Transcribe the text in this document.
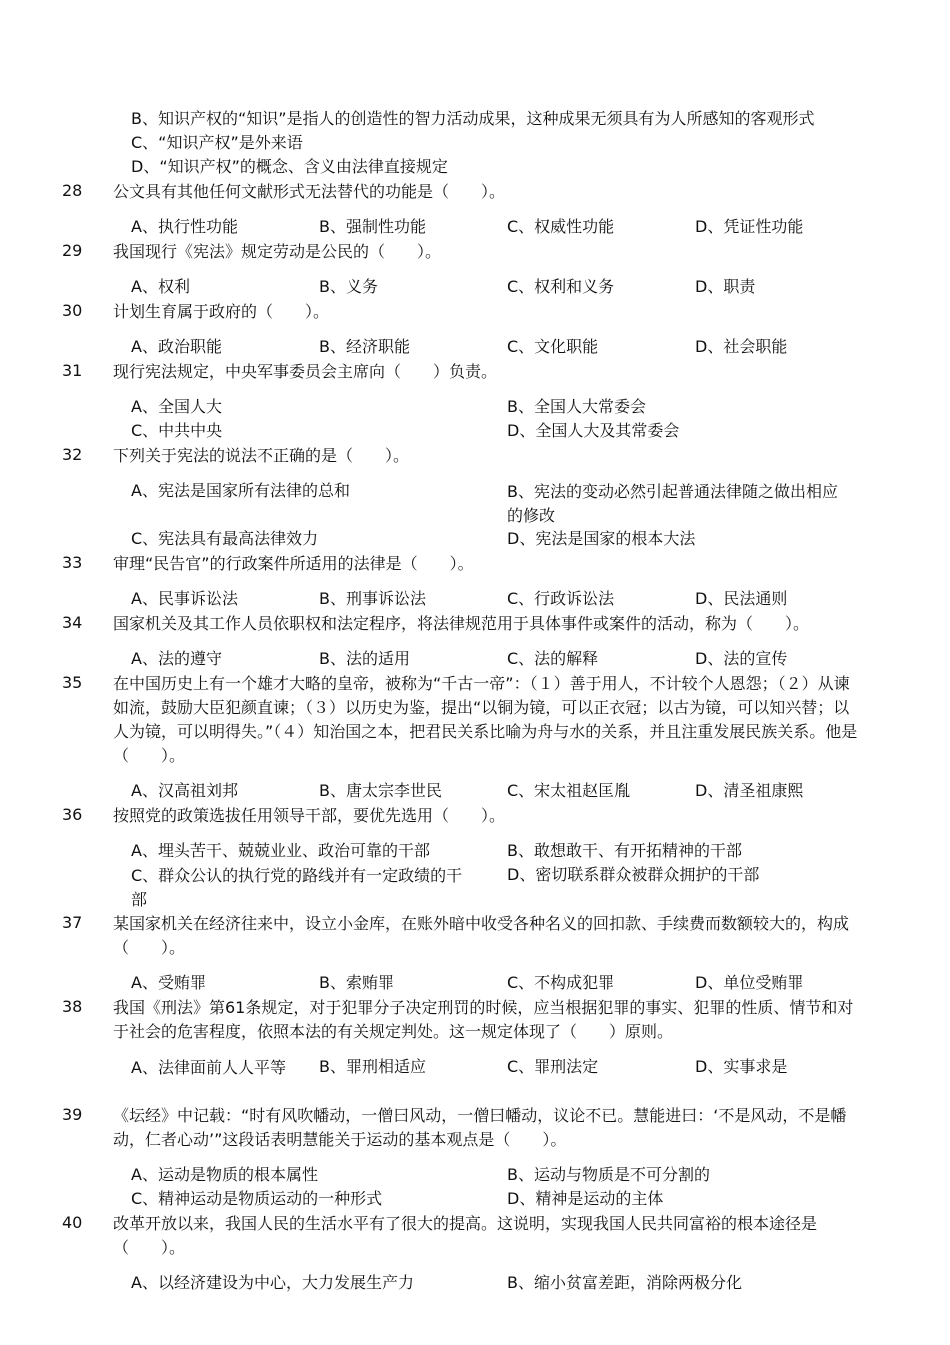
B、知识产权的“知识”是指人的创造性的智力活动成果，这种成果无须具有为人所感知的客观形式
C、“知识产权”是外来语
D、“知识产权”的概念、含义由法律直接规定
28	公文具有其他任何文献形式无法替代的功能是（　　）。
A、执行性功能	B、强制性功能	C、权威性功能	D、凭证性功能
29	我国现行《宪法》规定劳动是公民的（　　）。
A、权利	B、义务	C、权利和义务	D、职责
30	计划生育属于政府的（　　）。
A、政治职能	B、经济职能	C、文化职能	D、社会职能
31	现行宪法规定，中央军事委员会主席向（　　）负责。
A、全国人大	B、全国人大常委会
C、中共中央	D、全国人大及其常委会
32	下列关于宪法的说法不正确的是（　　）。
A、宪法是国家所有法律的总和	B、宪法的变动必然引起普通法律随之做出相应的修改
C、宪法具有最高法律效力	D、宪法是国家的根本大法
33	审理“民告官”的行政案件所适用的法律是（　　）。
A、民事诉讼法	B、刑事诉讼法	C、行政诉讼法	D、民法通则
34	国家机关及其工作人员依职权和法定程序，将法律规范用于具体事件或案件的活动，称为（　　）。
A、法的遵守	B、法的适用	C、法的解释	D、法的宣传
35	在中国历史上有一个雄才大略的皇帝，被称为“千古一帝”：（１）善于用人，不计较个人恩怨；（２）从谏如流，鼓励大臣犯颜直谏；（３）以历史为鉴，提出“以铜为镜，可以正衣冠；以古为镜，可以知兴替；以人为镜，可以明得失。”（４）知治国之本，把君民关系比喻为舟与水的关系，并且注重发展民族关系。他是（　　）。
A、汉高祖刘邦	B、唐太宗李世民	C、宋太祖赵匡胤	D、清圣祖康熙
36	按照党的政策选拔任用领导干部，要优先选用（　　）。
A、埋头苦干、兢兢业业、政治可靠的干部	B、敢想敢干、有开拓精神的干部
C、群众公认的执行党的路线并有一定政绩的干部
D、密切联系群众被群众拥护的干部
37	某国家机关在经济往来中，设立小金库，在账外暗中收受各种名义的回扣款、手续费而数额较大的，构成（　　）。
A、受贿罪	B、索贿罪	C、不构成犯罪	D、单位受贿罪
38	我国《刑法》第61条规定，对于犯罪分子决定刑罚的时候，应当根据犯罪的事实、犯罪的性质、情节和对于社会的危害程度，依照本法的有关规定判处。这一规定体现了（　　）原则。
A、法律面前人人平等	B、罪刑相适应	C、罪刑法定	D、实事求是
39	《坛经》中记载：“时有风吹幡动，一僧曰风动，一僧曰幡动，议论不已。慧能进曰：‘不是风动，不是幡动，仁者心动’”这段话表明慧能关于运动的基本观点是（　　）。
A、运动是物质的根本属性	B、运动与物质是不可分割的
C、精神运动是物质运动的一种形式	D、精神是运动的主体
40	改革开放以来，我国人民的生活水平有了很大的提高。这说明，实现我国人民共同富裕的根本途径是（　　）。
A、以经济建设为中心，大力发展生产力	B、缩小贫富差距，消除两极分化
